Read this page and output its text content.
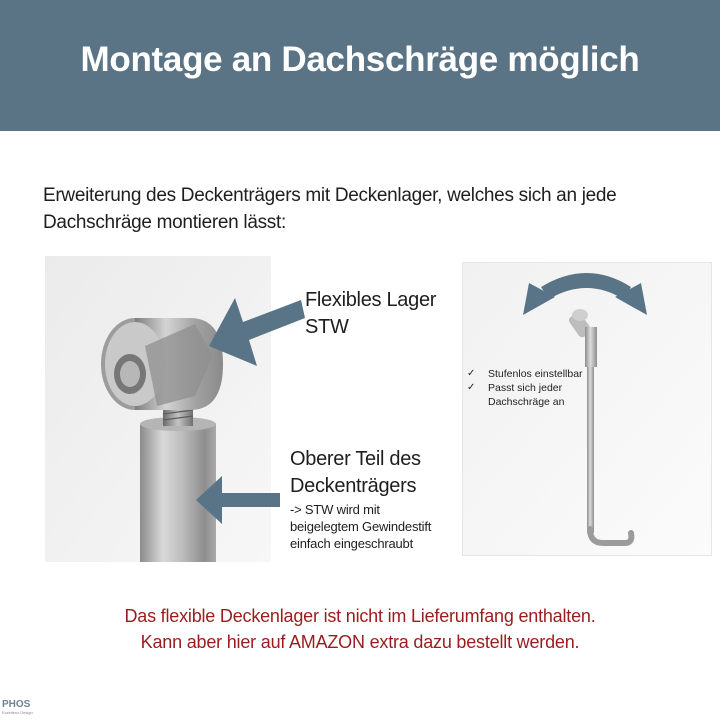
Montage an Dachschräge möglich
Erweiterung des Deckenträgers mit Deckenlager, welches sich an jede
Dachschräge montieren lässt:
Flexibles Lager
STW
Oberer Teil des
Deckenträgers
-> STW wird mit
beigelegtem Gewindestift
einfach eingeschraubt
✓ Stufenlos einstellbar
✓ Passt sich jeder
Dachschräge an
Das flexible Deckenlager ist nicht im Lieferumfang enthalten.
Kann aber hier auf AMAZON extra dazu bestellt werden.
PHOS
Exzellenz Design
